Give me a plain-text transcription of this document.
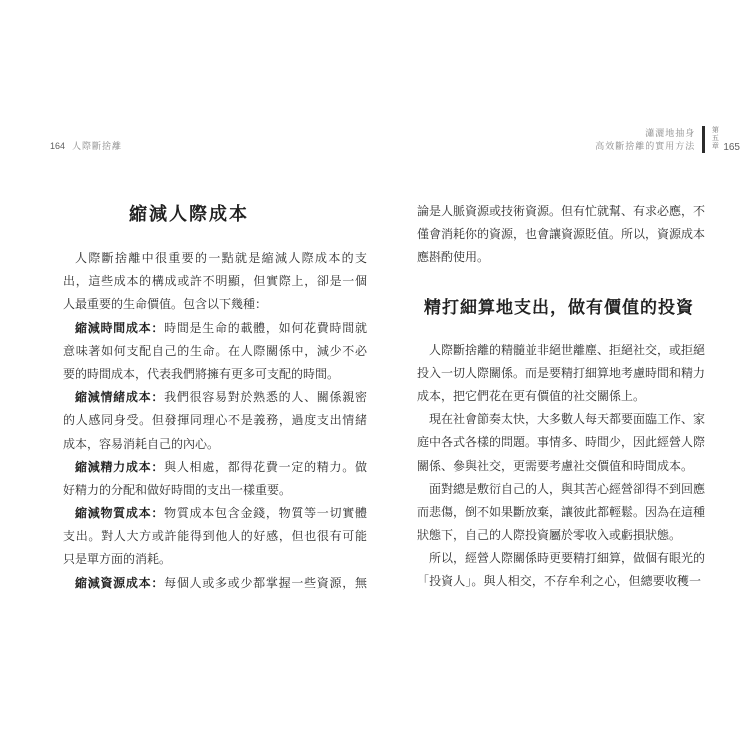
164 人際斷捨離
瀟灑地抽身
高效斷捨離的實用方法 第五章 165
縮減人際成本
人際斷捨離中很重要的一點就是縮減人際成本的支
出，這些成本的構成或許不明顯，但實際上，卻是一個
人最重要的生命價值。包含以下幾種：
縮減時間成本：時間是生命的載體，如何花費時間就
意味著如何支配自己的生命。在人際關係中，減少不必
要的時間成本，代表我們將擁有更多可支配的時間。
縮減情緒成本：我們很容易對於熟悉的人、關係親密
的人感同身受。但發揮同理心不是義務，過度支出情緒
成本，容易消耗自己的內心。
縮減精力成本：與人相處，都得花費一定的精力。做
好精力的分配和做好時間的支出一樣重要。
縮減物質成本：物質成本包含金錢，物質等一切實體
支出。對人大方或許能得到他人的好感，但也很有可能
只是單方面的消耗。
縮減資源成本：每個人或多或少都掌握一些資源，無
論是人脈資源或技術資源。但有忙就幫、有求必應，不
僅會消耗你的資源，也會讓資源貶值。所以，資源成本
應斟酌使用。
精打細算地支出，做有價值的投資
人際斷捨離的精髓並非絕世離塵、拒絕社交，或拒絕
投入一切人際關係。而是要精打細算地考慮時間和精力
成本，把它們花在更有價值的社交關係上。
現在社會節奏太快，大多數人每天都要面臨工作、家
庭中各式各樣的問題。事情多、時間少，因此經營人際
關係、參與社交，更需要考慮社交價值和時間成本。
面對總是敷衍自己的人，與其苦心經營卻得不到回應
而悲傷，倒不如果斷放棄，讓彼此都輕鬆。因為在這種
狀態下，自己的人際投資屬於零收入或虧損狀態。
所以，經營人際關係時更要精打細算，做個有眼光的
「投資人」。與人相交，不存牟利之心，但總要收穫一
